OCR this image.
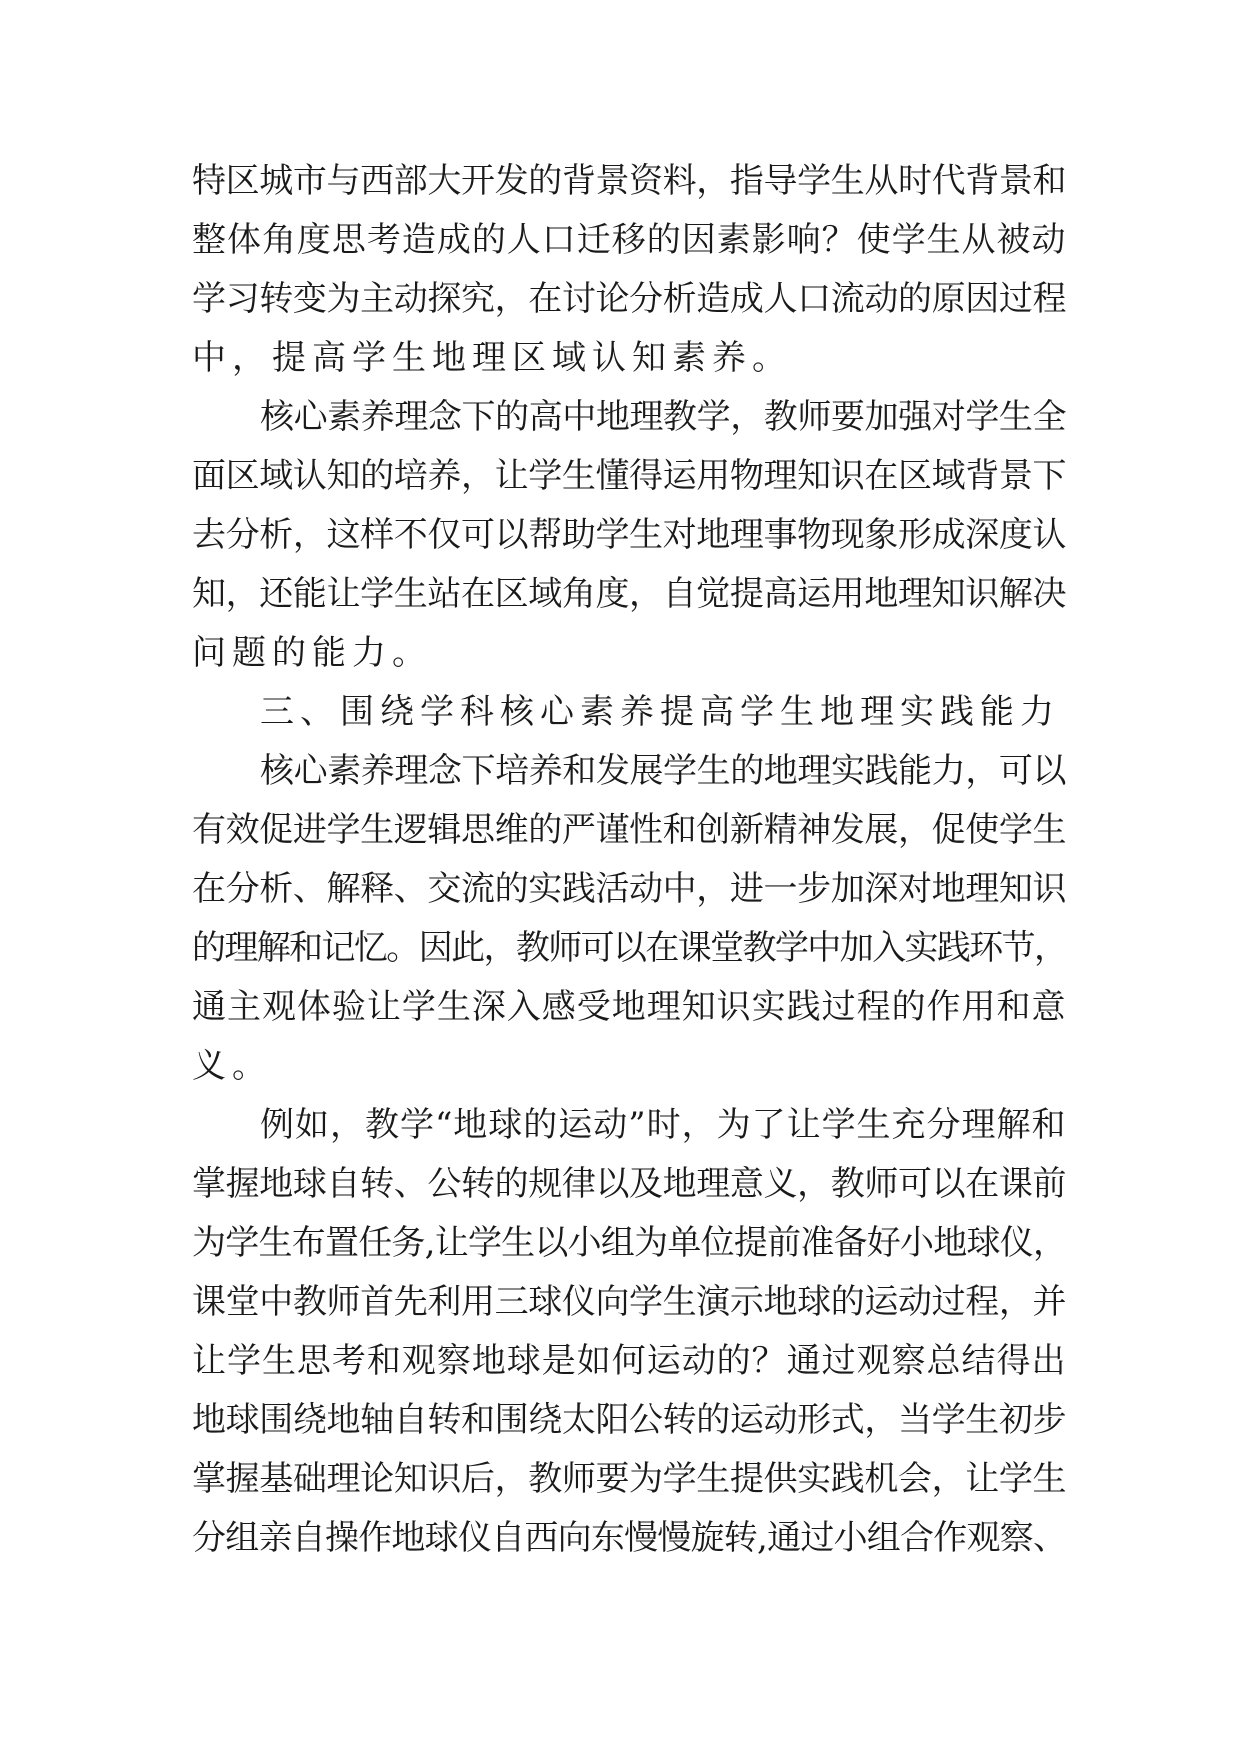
特区城市与西部大开发的背景资料，指导学生从时代背景和
整体角度思考造成的人口迁移的因素影响？使学生从被动
学习转变为主动探究，在讨论分析造成人口流动的原因过程
中，提高学生地理区域认知素养。
核心素养理念下的高中地理教学，教师要加强对学生全
面区域认知的培养，让学生懂得运用物理知识在区域背景下
去分析，这样不仅可以帮助学生对地理事物现象形成深度认
知，还能让学生站在区域角度，自觉提高运用地理知识解决
问题的能力。
三、围绕学科核心素养提高学生地理实践能力
核心素养理念下培养和发展学生的地理实践能力，可以
有效促进学生逻辑思维的严谨性和创新精神发展，促使学生
在分析、解释、交流的实践活动中，进一步加深对地理知识
的理解和记忆。因此，教师可以在课堂教学中加入实践环节，
通主观体验让学生深入感受地理知识实践过程的作用和意
义。
例如，教学“地球的运动”时，为了让学生充分理解和
掌握地球自转、公转的规律以及地理意义，教师可以在课前
为学生布置任务,让学生以小组为单位提前准备好小地球仪，
课堂中教师首先利用三球仪向学生演示地球的运动过程，并
让学生思考和观察地球是如何运动的？通过观察总结得出
地球围绕地轴自转和围绕太阳公转的运动形式，当学生初步
掌握基础理论知识后，教师要为学生提供实践机会，让学生
分组亲自操作地球仪自西向东慢慢旋转,通过小组合作观察、
